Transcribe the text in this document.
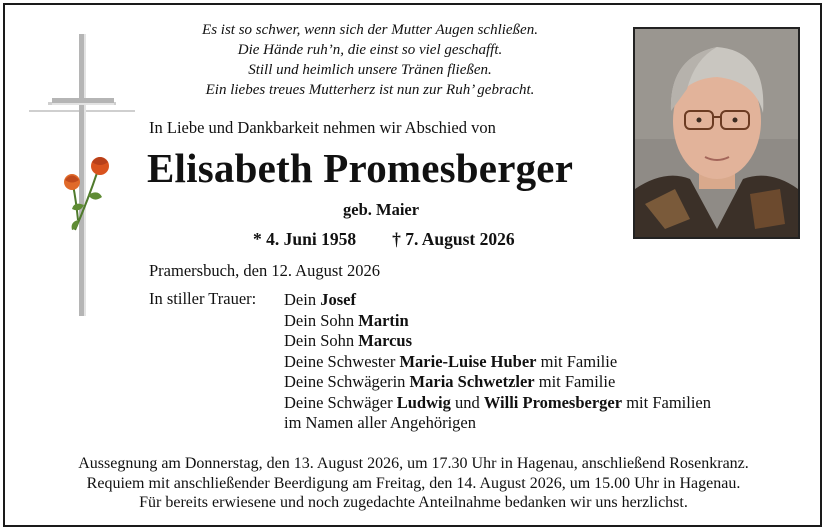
Es ist so schwer, wenn sich der Mutter Augen schließen.
Die Hände ruh’n, die einst so viel geschafft.
Still und heimlich unsere Tränen fließen.
Ein liebes treues Mutterherz ist nun zur Ruh’ gebracht.
In Liebe und Dankbarkeit nehmen wir Abschied von
Elisabeth Promesberger
geb. Maier
* 4. Juni 1958 † 7. August 2026
Pramersbuch, den 12. August 2026
In stiller Trauer: Dein Josef
Dein Sohn Martin
Dein Sohn Marcus
Deine Schwester Marie-Luise Huber mit Familie
Deine Schwägerin Maria Schwetzler mit Familie
Deine Schwäger Ludwig und Willi Promesberger mit Familien
im Namen aller Angehörigen
Aussegnung am Donnerstag, den 13. August 2026, um 17.30 Uhr in Hagenau, anschließend Rosenkranz.
Requiem mit anschließender Beerdigung am Freitag, den 14. August 2026, um 15.00 Uhr in Hagenau.
Für bereits erwiesene und noch zugedachte Anteilnahme bedanken wir uns herzlichst.
